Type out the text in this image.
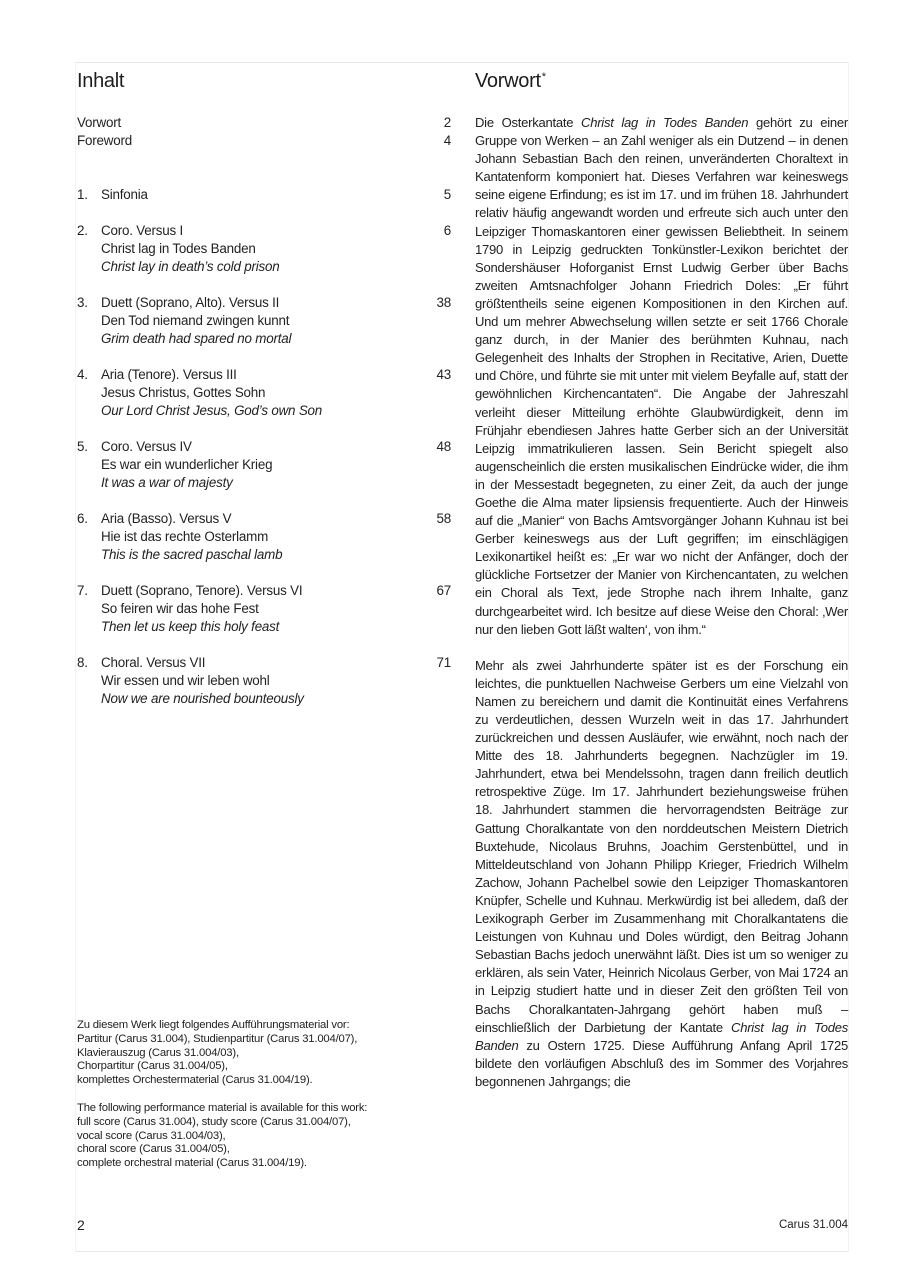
Inhalt
Vorwort	2
Foreword	4
1. Sinfonia	5
2. Coro. Versus I	6
Christ lag in Todes Banden
Christ lay in death’s cold prison
3. Duett (Soprano, Alto). Versus II	38
Den Tod niemand zwingen kunnt
Grim death had spared no mortal
4. Aria (Tenore). Versus III	43
Jesus Christus, Gottes Sohn
Our Lord Christ Jesus, God’s own Son
5. Coro. Versus IV	48
Es war ein wunderlicher Krieg
It was a war of majesty
6. Aria (Basso). Versus V	58
Hie ist das rechte Osterlamm
This is the sacred paschal lamb
7. Duett (Soprano, Tenore). Versus VI	67
So feiren wir das hohe Fest
Then let us keep this holy feast
8. Choral. Versus VII	71
Wir essen und wir leben wohl
Now we are nourished bounteously

Zu diesem Werk liegt folgendes Aufführungsmaterial vor:
Partitur (Carus 31.004), Studienpartitur (Carus 31.004/07),
Klavierauszug (Carus 31.004/03),
Chorpartitur (Carus 31.004/05),
komplettes Orchestermaterial (Carus 31.004/19).

The following performance material is available for this work:
full score (Carus 31.004), study score (Carus 31.004/07),
vocal score (Carus 31.004/03),
choral score (Carus 31.004/05),
complete orchestral material (Carus 31.004/19).

Vorwort*

Die Osterkantate Christ lag in Todes Banden gehört zu einer Gruppe von Werken – an Zahl weniger als ein Dutzend – in denen Johann Sebastian Bach den reinen, unveränderten Choraltext in Kantatenform komponiert hat. Dieses Verfahren war keineswegs seine eigene Erfindung; es ist im 17. und im frühen 18. Jahrhundert relativ häufig angewandt worden und erfreute sich auch unter den Leipziger Thomaskantoren einer gewissen Beliebtheit. In seinem 1790 in Leipzig gedruckten Tonkünstler-Lexikon berichtet der Sondershäuser Hoforganist Ernst Ludwig Gerber über Bachs zweiten Amtsnachfolger Johann Friedrich Doles: „Er führt größtentheils seine eigenen Kompositionen in den Kirchen auf. Und um mehrer Abwechselung willen setzte er seit 1766 Chorale ganz durch, in der Manier des berühmten Kuhnau, nach Gelegenheit des Inhalts der Strophen in Recitative, Arien, Duette und Chöre, und führte sie mit unter mit vielem Beyfalle auf, statt der gewöhnlichen Kirchencantaten“. Die Angabe der Jahreszahl verleiht dieser Mitteilung erhöhte Glaubwürdigkeit, denn im Frühjahr ebendiesen Jahres hatte Gerber sich an der Universität Leipzig immatrikulieren lassen. Sein Bericht spiegelt also augenscheinlich die ersten musikalischen Eindrücke wider, die ihm in der Messestadt begegneten, zu einer Zeit, da auch der junge Goethe die Alma mater lipsiensis frequentierte. Auch der Hinweis auf die „Manier“ von Bachs Amtsvorgänger Johann Kuhnau ist bei Gerber keineswegs aus der Luft gegriffen; im einschlägigen Lexikonartikel heißt es: „Er war wo nicht der Anfänger, doch der glückliche Fortsetzer der Manier von Kirchencantaten, zu welchen ein Choral als Text, jede Strophe nach ihrem Inhalte, ganz durchgearbeitet wird. Ich besitze auf diese Weise den Choral: ‚Wer nur den lieben Gott läßt walten‘, von ihm.“

Mehr als zwei Jahrhunderte später ist es der Forschung ein leichtes, die punktuellen Nachweise Gerbers um eine Vielzahl von Namen zu bereichern und damit die Kontinuität eines Verfahrens zu verdeutlichen, dessen Wurzeln weit in das 17. Jahrhundert zurückreichen und dessen Ausläufer, wie erwähnt, noch nach der Mitte des 18. Jahrhunderts begegnen. Nachzügler im 19. Jahrhundert, etwa bei Mendelssohn, tragen dann freilich deutlich retrospektive Züge. Im 17. Jahrhundert beziehungsweise frühen 18. Jahrhundert stammen die hervorragendsten Beiträge zur Gattung Choralkantate von den norddeutschen Meistern Dietrich Buxtehude, Nicolaus Bruhns, Joachim Gerstenbüttel, und in Mitteldeutschland von Johann Philipp Krieger, Friedrich Wilhelm Zachow, Johann Pachelbel sowie den Leipziger Thomaskantoren Knüpfer, Schelle und Kuhnau. Merkwürdig ist bei alledem, daß der Lexikograph Gerber im Zusammenhang mit Choralkantatens die Leistungen von Kuhnau und Doles würdigt, den Beitrag Johann Sebastian Bachs jedoch unerwähnt läßt. Dies ist um so weniger zu erklären, als sein Vater, Heinrich Nicolaus Gerber, von Mai 1724 an in Leipzig studiert hatte und in dieser Zeit den größten Teil von Bachs Choralkantaten-Jahrgang gehört haben muß – einschließlich der Darbietung der Kantate Christ lag in Todes Banden zu Ostern 1725. Diese Aufführung Anfang April 1725 bildete den vorläufigen Abschluß des im Sommer des Vorjahres begonnenen Jahrgangs; die

2	Carus 31.004
